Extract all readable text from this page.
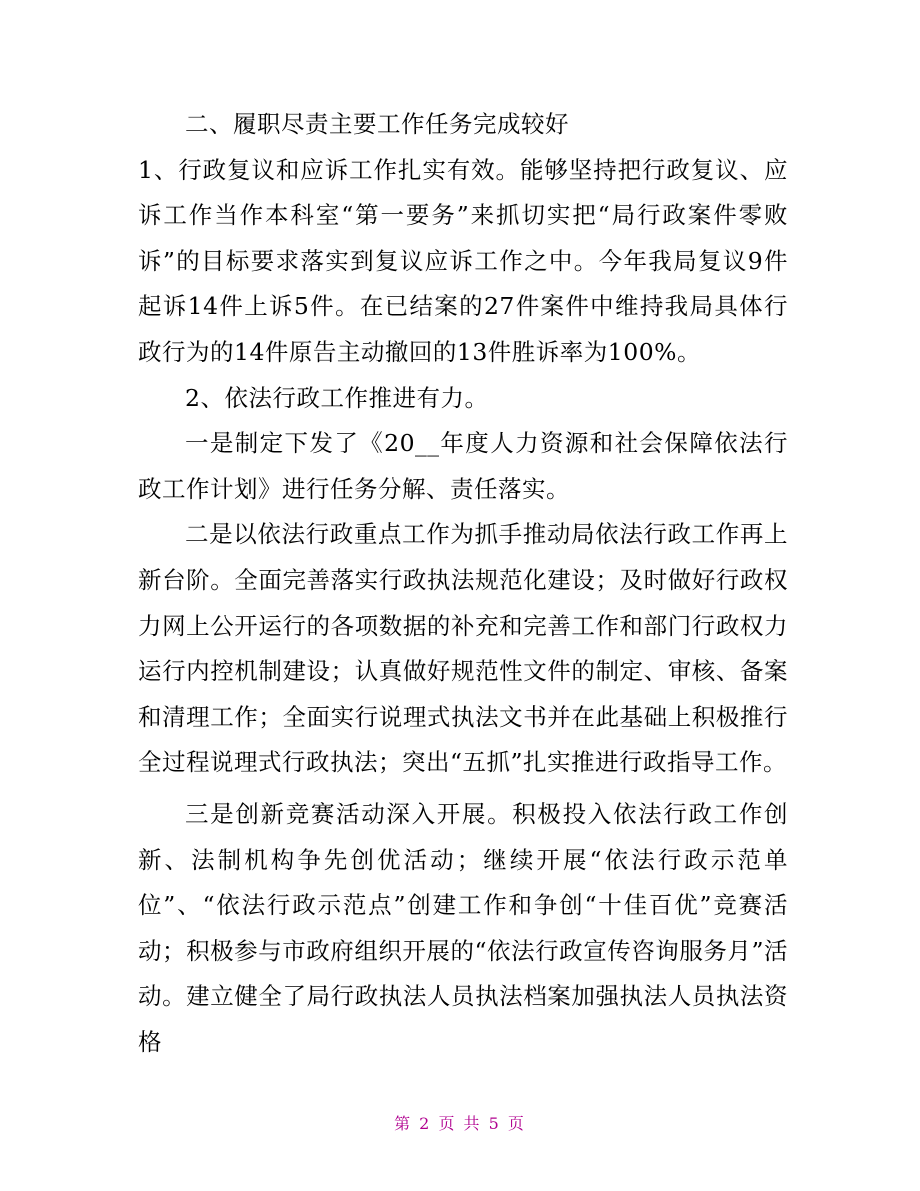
二、履职尽责主要工作任务完成较好

1、行政复议和应诉工作扎实有效。能够坚持把行政复议、应诉工作当作本科室“第一要务”来抓切实把“局行政案件零败诉”的目标要求落实到复议应诉工作之中。今年我局复议9件起诉14件上诉5件。在已结案的27件案件中维持我局具体行政行为的14件原告主动撤回的13件胜诉率为100%。

2、依法行政工作推进有力。

一是制定下发了《20__年度人力资源和社会保障依法行政工作计划》进行任务分解、责任落实。

二是以依法行政重点工作为抓手推动局依法行政工作再上新台阶。全面完善落实行政执法规范化建设；及时做好行政权力网上公开运行的各项数据的补充和完善工作和部门行政权力运行内控机制建设；认真做好规范性文件的制定、审核、备案和清理工作；全面实行说理式执法文书并在此基础上积极推行全过程说理式行政执法；突出“五抓”扎实推进行政指导工作。

三是创新竞赛活动深入开展。积极投入依法行政工作创新、法制机构争先创优活动；继续开展“依法行政示范单位”、“依法行政示范点”创建工作和争创“十佳百优”竞赛活动；积极参与市政府组织开展的“依法行政宣传咨询服务月”活动。建立健全了局行政执法人员执法档案加强执法人员执法资格

第 2 页 共 5 页
